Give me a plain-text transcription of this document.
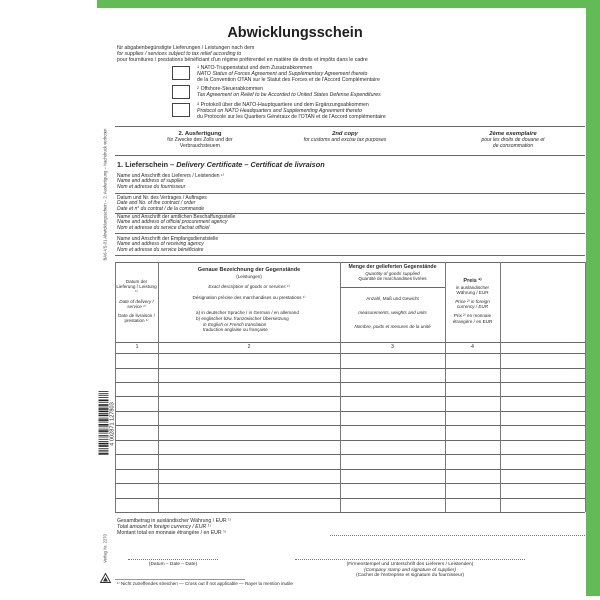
Abwicklungsschein
für abgabenbegünstigte Lieferungen / Leistungen nach dem
for supplies / services subject to tax relief according to
pour fournitures / prestations bénéficiant d'un régime préférentiel en matière de droits et impôts dans le cadre
$^1$ NATO-Truppenstatut und dem Zusatzabkommen
NATO Status of Forces Agreement and Supplementary Agreement thereto
de la Convention OTAN sur le Statut des Forces et de l'Accord Complémentaire
$^2$ Offshore-Steuerabkommen
Tax Agreement on Relief to be Accorded to United States Defense Expenditures
$^3$ Protokoll über die NATO-Hauptquartiere und dem Ergänzungsabkommen
Protocol on NATO Headquarters and Supplementing Agreement thereto
du Protocole sur les Quartiers Généraux de l'OTAN et de l'Accord complémentaire
2. Ausfertigung
für Zwecke des Zolls und der
Verbrauchsteuern
2nd copy
for customs and excise tax purposes
2ème exemplaire
pour les droits de douane et
de consommation
1. Lieferschein – Delivery Certificate – Certificat de livraison
Name und Anschrift des Lieferers / Leistenden ¹⁾
Name and address of supplier
Nom et adresse du fournisseur
Datum und Nr. des Vertrages / Auftrages
Date and No. of the contract / order
Date et n° du contrat / de la commande
Name und Anschrift der amtlichen Beschaffungsstelle
Name and address of official procurement agency
Nom et adresse du service d'achat officiel
Name und Anschrift der Empfangsdienststelle
Name and address of receiving agency
Nom et adresse du service bénéficiaire

Datum der Lieferung / Leistung ¹⁾

Date of delivery / service ¹⁾

Date de livraison / prestation ¹⁾

Genaue Bezeichnung der Gegenstände
(Leistungen)
Exact description of goods or services ¹⁾
Désignation précise des marchandises ou prestations ¹⁾
a) in deutscher Sprache / in German / en allemand
b) englischer bzw. französischer Übersetzung
in English or French translation
traduction anglaise ou française
Menge der gelieferten Gegenstände
Quantity of goods supplied
Quantité de marchandises livrées
Anzahl, Maß und Gewicht
measurements, weights and units
Nombre, poids et mesures de la unité
Preis ²⁾

in ausländischer Währung / EUR

Price ²⁾ in foreign currency / EUR

Prix ²⁾ en monnaie étrangère / en EUR

1	2	3	4
Gesamtbetrag in ausländischer Währung / EUR ¹⁾
Total amount in foreign currency / EUR ¹⁾
Montant total en monnaie étrangère / en EUR ¹⁾
(Datum – Date – Date)	(Firmenstempel und Unterschrift des Lieferers / Leistenden)
(Company stamp and signature of supplier)
(Cachet de l'entreprise et signature du fournisseur)
¹⁾ Nicht zutreffendes streichen — Cross out if not applicable — Rayer la mention inutile
BA6-VS-01 Abwicklungsschein – 2. Ausfertigung – Nachdruck verboten
Verlag Nr. 2270
4 002871 127803
